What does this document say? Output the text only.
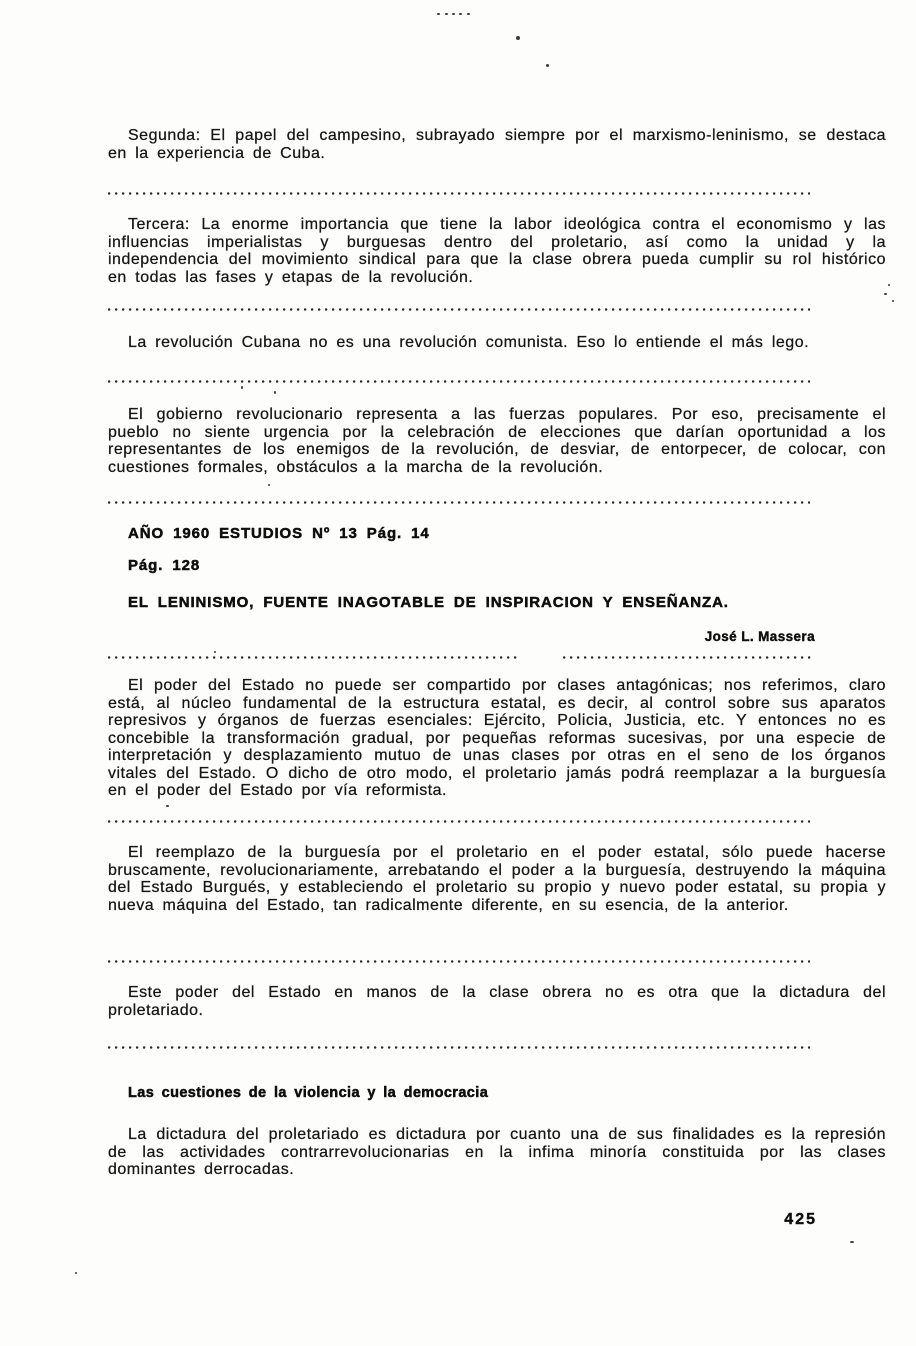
Segunda: El papel del campesino, subrayado siempre por el marxismo-leninismo, se destaca en la experiencia de Cuba.

Tercera: La enorme importancia que tiene la labor ideológica contra el economismo y las influencias imperialistas y burguesas dentro del proletario, así como la unidad y la independencia del movimiento sindical para que la clase obrera pueda cumplir su rol histórico en todas las fases y etapas de la revolución.

La revolución Cubana no es una revolución comunista. Eso lo entiende el más lego.

El gobierno revolucionario representa a las fuerzas populares. Por eso, precisamente el pueblo no siente urgencia por la celebración de elecciones que darían oportunidad a los representantes de los enemigos de la revolución, de desviar, de entorpecer, de colocar, con cuestiones formales, obstáculos a la marcha de la revolución.

AÑO 1960 ESTUDIOS Nº 13 Pág. 14
Pág. 128
EL LENINISMO, FUENTE INAGOTABLE DE INSPIRACION Y ENSEÑANZA.

José L. Massera

El poder del Estado no puede ser compartido por clases antagónicas; nos referimos, claro está, al núcleo fundamental de la estructura estatal, es decir, al control sobre sus aparatos represivos y órganos de fuerzas esenciales: Ejército, Policia, Justicia, etc. Y entonces no es concebible la transformación gradual, por pequeñas reformas sucesivas, por una especie de interpretación y desplazamiento mutuo de unas clases por otras en el seno de los órganos vitales del Estado. O dicho de otro modo, el proletario jamás podrá reemplazar a la burguesía en el poder del Estado por vía reformista.

El reemplazo de la burguesía por el proletario en el poder estatal, sólo puede hacerse bruscamente, revolucionariamente, arrebatando el poder a la burguesía, destruyendo la máquina del Estado Burgués, y estableciendo el proletario su propio y nuevo poder estatal, su propia y nueva máquina del Estado, tan radicalmente diferente, en su esencia, de la anterior.

Este poder del Estado en manos de la clase obrera no es otra que la dictadura del proletariado.

Las cuestiones de la violencia y la democracia

La dictadura del proletariado es dictadura por cuanto una de sus finalidades es la represión de las actividades contrarrevolucionarias en la infima minoría constituida por las clases dominantes derrocadas.

425
